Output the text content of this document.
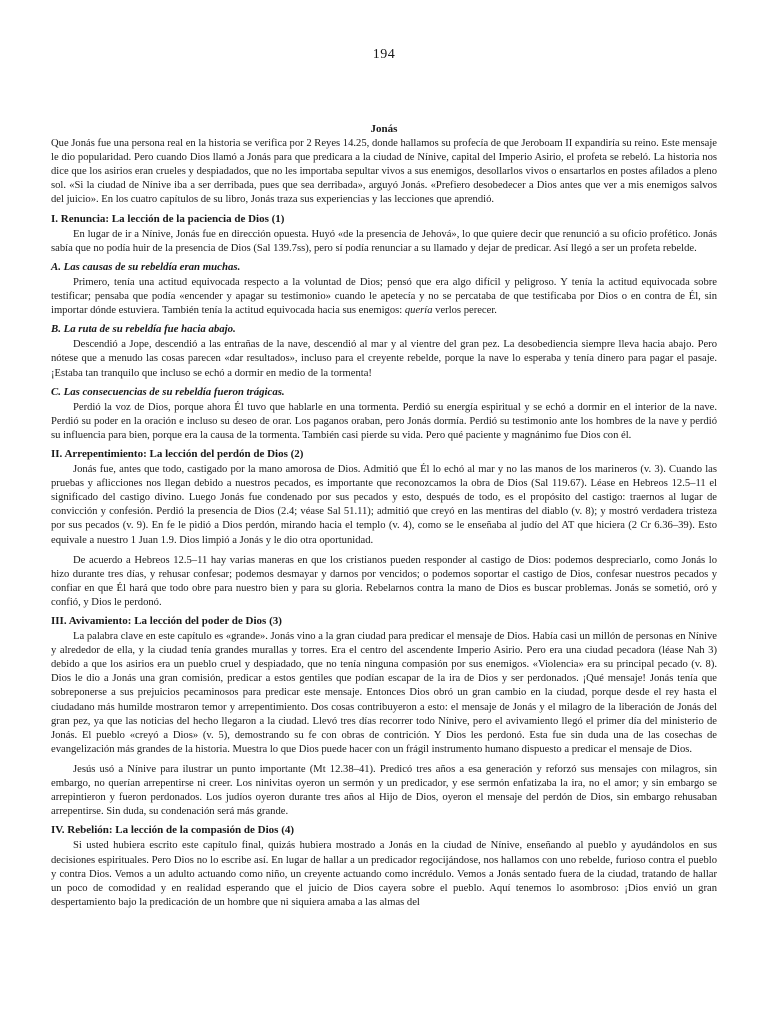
194
Jonás

Que Jonás fue una persona real en la historia se verifica por 2 Reyes 14.25, donde hallamos su profecía de que Jeroboam II expandiría su reino. Este mensaje le dio popularidad. Pero cuando Dios llamó a Jonás para que predicara a la ciudad de Nínive, capital del Imperio Asirio, el profeta se rebeló. La historia nos dice que los asirios eran crueles y despiadados, que no les importaba sepultar vivos a sus enemigos, desollarlos vivos o ensartarlos en postes afilados a pleno sol. «Si la ciudad de Nínive iba a ser derribada, pues que sea derribada», arguyó Jonás. «Prefiero desobedecer a Dios antes que ver a mis enemigos salvos del juicio». En los cuatro capítulos de su libro, Jonás traza sus experiencias y las lecciones que aprendió.

I. Renuncia: La lección de la paciencia de Dios (1)

En lugar de ir a Nínive, Jonás fue en dirección opuesta. Huyó «de la presencia de Jehová», lo que quiere decir que renunció a su oficio profético. Jonás sabía que no podía huir de la presencia de Dios (Sal 139.7ss), pero sí podía renunciar a su llamado y dejar de predicar. Así llegó a ser un profeta rebelde.

A. Las causas de su rebeldía eran muchas.

Primero, tenía una actitud equivocada respecto a la voluntad de Dios; pensó que era algo difícil y peligroso. Y tenía la actitud equivocada sobre testificar; pensaba que podía «encender y apagar su testimonio» cuando le apetecía y no se percataba de que testificaba por Dios o en contra de Él, sin importar dónde estuviera. También tenía la actitud equivocada hacia sus enemigos: quería verlos perecer.

B. La ruta de su rebeldía fue hacia abajo.

Descendió a Jope, descendió a las entrañas de la nave, descendió al mar y al vientre del gran pez. La desobediencia siempre lleva hacia abajo. Pero nótese que a menudo las cosas parecen «dar resultados», incluso para el creyente rebelde, porque la nave lo esperaba y tenía dinero para pagar el pasaje. ¡Estaba tan tranquilo que incluso se echó a dormir en medio de la tormenta!

C. Las consecuencias de su rebeldía fueron trágicas.

Perdió la voz de Dios, porque ahora Él tuvo que hablarle en una tormenta. Perdió su energía espiritual y se echó a dormir en el interior de la nave. Perdió su poder en la oración e incluso su deseo de orar. Los paganos oraban, pero Jonás dormía. Perdió su testimonio ante los hombres de la nave y perdió su influencia para bien, porque era la causa de la tormenta. También casi pierde su vida. Pero qué paciente y magnánimo fue Dios con él.

II. Arrepentimiento: La lección del perdón de Dios (2)

Jonás fue, antes que todo, castigado por la mano amorosa de Dios. Admitió que Él lo echó al mar y no las manos de los marineros (v. 3). Cuando las pruebas y aflicciones nos llegan debido a nuestros pecados, es importante que reconozcamos la obra de Dios (Sal 119.67). Léase en Hebreos 12.5–11 el significado del castigo divino. Luego Jonás fue condenado por sus pecados y esto, después de todo, es el propósito del castigo: traernos al lugar de convicción y confesión. Perdió la presencia de Dios (2.4; véase Sal 51.11); admitió que creyó en las mentiras del diablo (v. 8); y mostró verdadera tristeza por sus pecados (v. 9). En fe le pidió a Dios perdón, mirando hacia el templo (v. 4), como se le enseñaba al judío del AT que hiciera (2 Cr 6.36–39). Esto equivale a nuestro 1 Juan 1.9. Dios limpió a Jonás y le dio otra oportunidad.

De acuerdo a Hebreos 12.5–11 hay varias maneras en que los cristianos pueden responder al castigo de Dios: podemos despreciarlo, como Jonás lo hizo durante tres días, y rehusar confesar; podemos desmayar y darnos por vencidos; o podemos soportar el castigo de Dios, confesar nuestros pecados y confiar en que Él hará que todo obre para nuestro bien y para su gloria. Rebelarnos contra la mano de Dios es buscar problemas. Jonás se sometió, oró y confió, y Dios le perdonó.

III. Avivamiento: La lección del poder de Dios (3)

La palabra clave en este capítulo es «grande». Jonás vino a la gran ciudad para predicar el mensaje de Dios. Había casi un millón de personas en Nínive y alrededor de ella, y la ciudad tenía grandes murallas y torres. Era el centro del ascendente Imperio Asirio. Pero era una ciudad pecadora (léase Nah 3) debido a que los asirios era un pueblo cruel y despiadado, que no tenía ninguna compasión por sus enemigos. «Violencia» era su principal pecado (v. 8). Dios le dio a Jonás una gran comisión, predicar a estos gentiles que podían escapar de la ira de Dios y ser perdonados. ¡Qué mensaje! Jonás tenía que sobreponerse a sus prejuicios pecaminosos para predicar este mensaje. Entonces Dios obró un gran cambio en la ciudad, porque desde el rey hasta el ciudadano más humilde mostraron temor y arrepentimiento. Dos cosas contribuyeron a esto: el mensaje de Jonás y el milagro de la liberación de Jonás del gran pez, ya que las noticias del hecho llegaron a la ciudad. Llevó tres días recorrer todo Nínive, pero el avivamiento llegó el primer día del ministerio de Jonás. El pueblo «creyó a Dios» (v. 5), demostrando su fe con obras de contrición. Y Dios les perdonó. Esta fue sin duda una de las cosechas de evangelización más grandes de la historia. Muestra lo que Dios puede hacer con un frágil instrumento humano dispuesto a predicar el mensaje de Dios.

Jesús usó a Nínive para ilustrar un punto importante (Mt 12.38–41). Predicó tres años a esa generación y reforzó sus mensajes con milagros, sin embargo, no querían arrepentirse ni creer. Los ninivitas oyeron un sermón y un predicador, y ese sermón enfatizaba la ira, no el amor; y sin embargo se arrepintieron y fueron perdonados. Los judíos oyeron durante tres años al Hijo de Dios, oyeron el mensaje del perdón de Dios, sin embargo rehusaban arrepentirse. Sin duda, su condenación será más grande.

IV. Rebelión: La lección de la compasión de Dios (4)

Si usted hubiera escrito este capítulo final, quizás hubiera mostrado a Jonás en la ciudad de Nínive, enseñando al pueblo y ayudándolos en sus decisiones espirituales. Pero Dios no lo escribe así. En lugar de hallar a un predicador regocijándose, nos hallamos con uno rebelde, furioso contra el pueblo y contra Dios. Vemos a un adulto actuando como niño, un creyente actuando como incrédulo. Vemos a Jonás sentado fuera de la ciudad, tratando de hallar un poco de comodidad y en realidad esperando que el juicio de Dios cayera sobre el pueblo. Aquí tenemos lo asombroso: ¡Dios envió un gran despertamiento bajo la predicación de un hombre que ni siquiera amaba a las almas del
